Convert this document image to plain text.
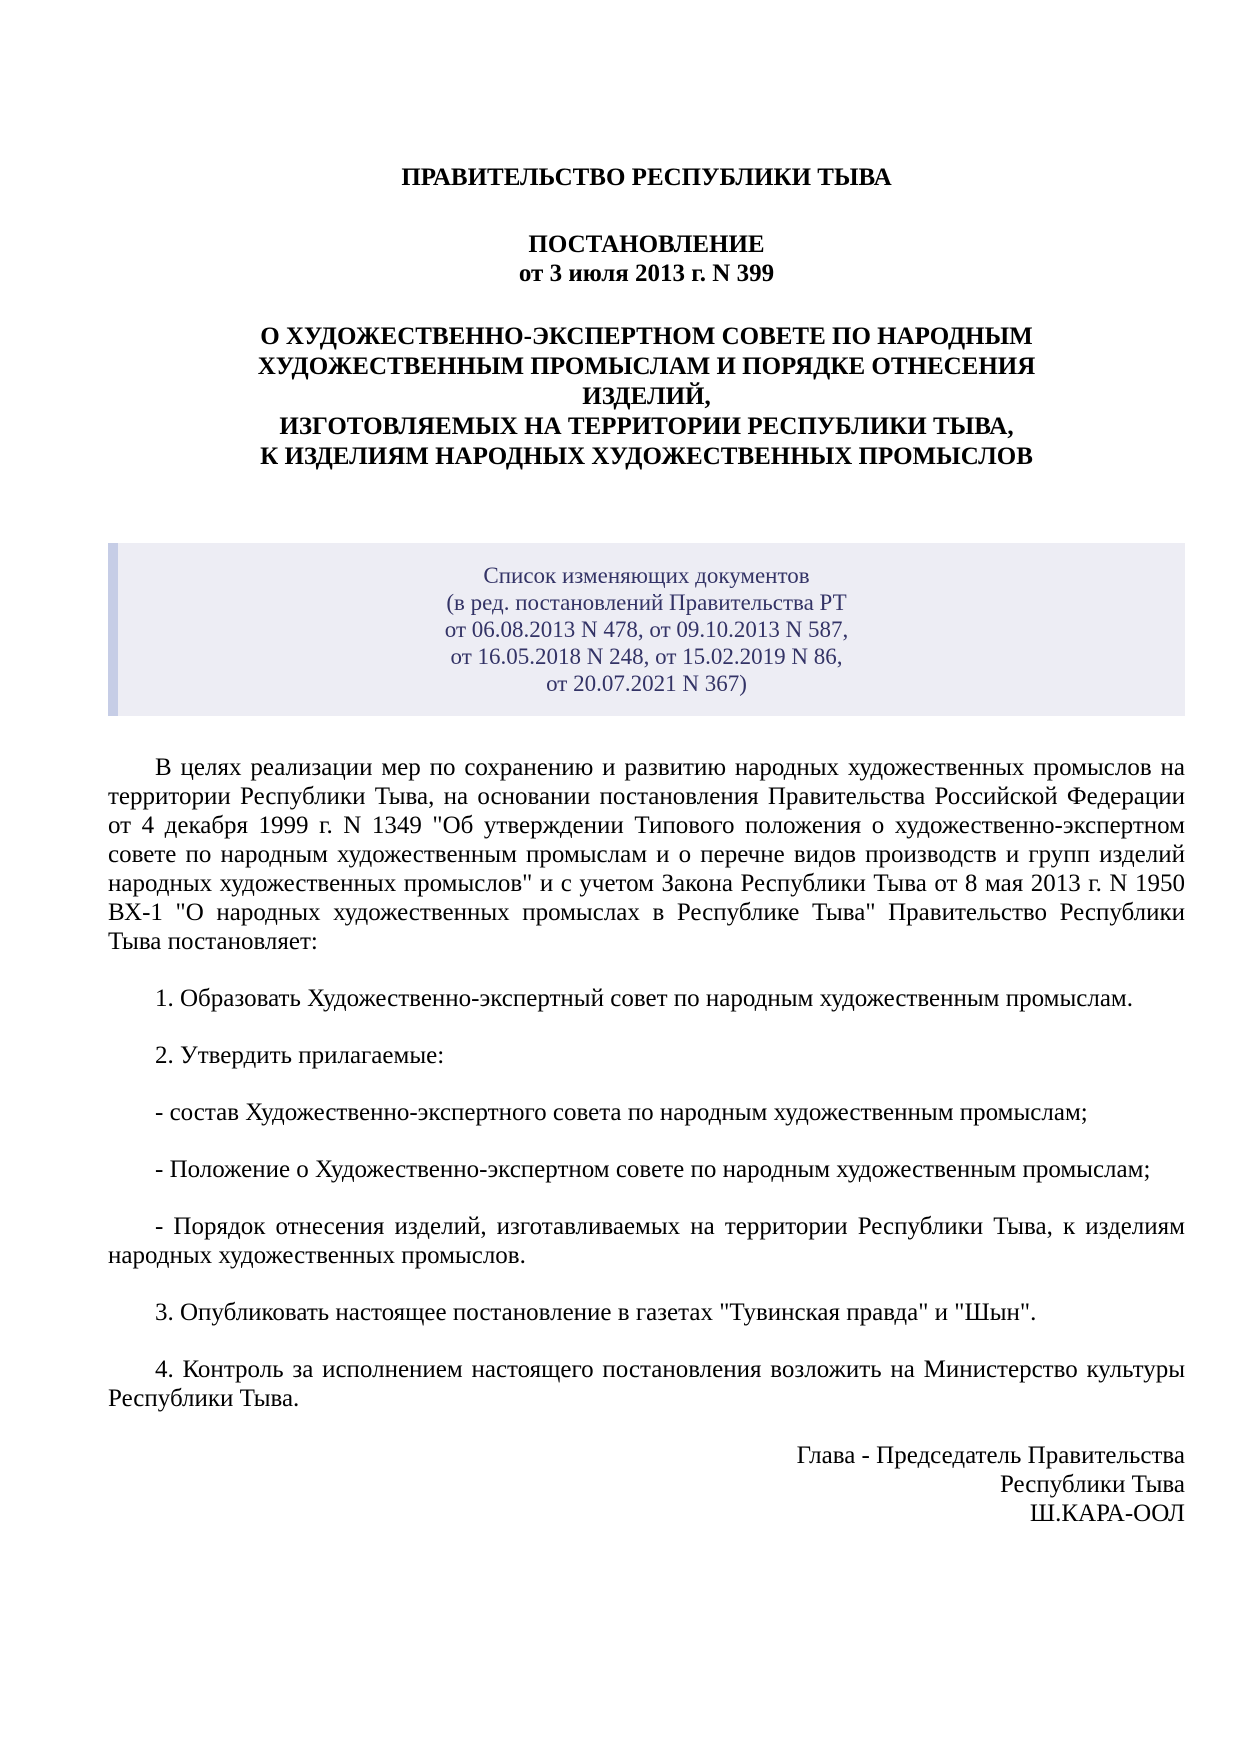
ПРАВИТЕЛЬСТВО РЕСПУБЛИКИ ТЫВА
ПОСТАНОВЛЕНИЕ
от 3 июля 2013 г. N 399
О ХУДОЖЕСТВЕННО-ЭКСПЕРТНОМ СОВЕТЕ ПО НАРОДНЫМ
ХУДОЖЕСТВЕННЫМ ПРОМЫСЛАМ И ПОРЯДКЕ ОТНЕСЕНИЯ
ИЗДЕЛИЙ,
ИЗГОТОВЛЯЕМЫХ НА ТЕРРИТОРИИ РЕСПУБЛИКИ ТЫВА,
К ИЗДЕЛИЯМ НАРОДНЫХ ХУДОЖЕСТВЕННЫХ ПРОМЫСЛОВ
Список изменяющих документов
(в ред. постановлений Правительства РТ
от 06.08.2013 N 478, от 09.10.2013 N 587,
от 16.05.2018 N 248, от 15.02.2019 N 86,
от 20.07.2021 N 367)
В целях реализации мер по сохранению и развитию народных художественных промыслов на территории Республики Тыва, на основании постановления Правительства Российской Федерации от 4 декабря 1999 г. N 1349 "Об утверждении Типового положения о художественно-экспертном совете по народным художественным промыслам и о перечне видов производств и групп изделий народных художественных промыслов" и с учетом Закона Республики Тыва от 8 мая 2013 г. N 1950 ВХ-1 "О народных художественных промыслах в Республике Тыва" Правительство Республики Тыва постановляет:
1. Образовать Художественно-экспертный совет по народным художественным промыслам.
2. Утвердить прилагаемые:
- состав Художественно-экспертного совета по народным художественным промыслам;
- Положение о Художественно-экспертном совете по народным художественным промыслам;
- Порядок отнесения изделий, изготавливаемых на территории Республики Тыва, к изделиям народных художественных промыслов.
3. Опубликовать настоящее постановление в газетах "Тувинская правда" и "Шын".
4. Контроль за исполнением настоящего постановления возложить на Министерство культуры Республики Тыва.
Глава - Председатель Правительства
Республики Тыва
Ш.КАРА-ООЛ
